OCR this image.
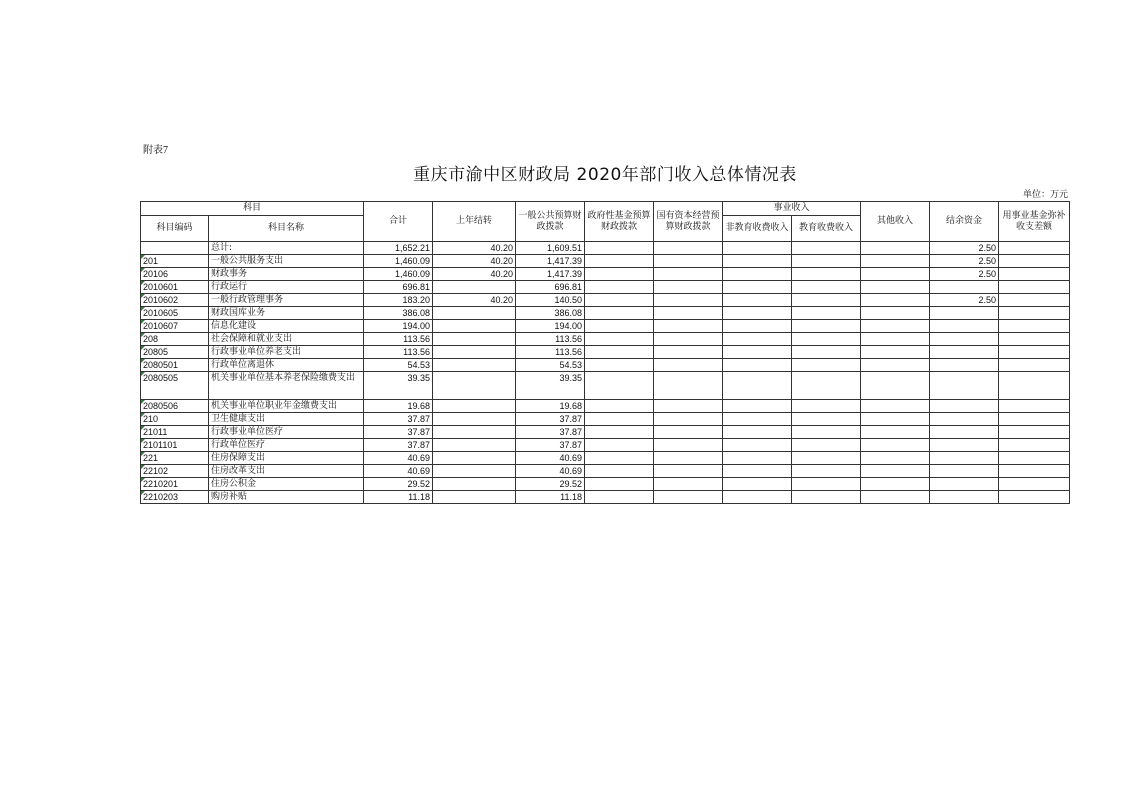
附表7
重庆市渝中区财政局 2020年部门收入总体情况表
单位：万元
科目		合计	上年结转	一般公共预算财政拨款	政府性基金预算财政拨款	国有资本经营预算财政拨款	事业收入		其他收入	结余资金	用事业基金弥补收支差额
科目编码	科目名称						非教育收费收入	教育收费收入			
	总计:	1,652.21	40.20	1,609.51						2.50	
201	一般公共服务支出	1,460.09	40.20	1,417.39						2.50	
20106	财政事务	1,460.09	40.20	1,417.39						2.50	
2010601	行政运行	696.81		696.81							
2010602	一般行政管理事务	183.20	40.20	140.50						2.50	
2010605	财政国库业务	386.08		386.08							
2010607	信息化建设	194.00		194.00							
208	社会保障和就业支出	113.56		113.56							
20805	行政事业单位养老支出	113.56		113.56							
2080501	行政单位离退休	54.53		54.53							
2080505	机关事业单位基本养老保险缴费支出	39.35		39.35							
2080506	机关事业单位职业年金缴费支出	19.68		19.68							
210	卫生健康支出	37.87		37.87							
21011	行政事业单位医疗	37.87		37.87							
2101101	行政单位医疗	37.87		37.87							
221	住房保障支出	40.69		40.69							
22102	住房改革支出	40.69		40.69							
2210201	住房公积金	29.52		29.52							
2210203	购房补贴	11.18		11.18							
